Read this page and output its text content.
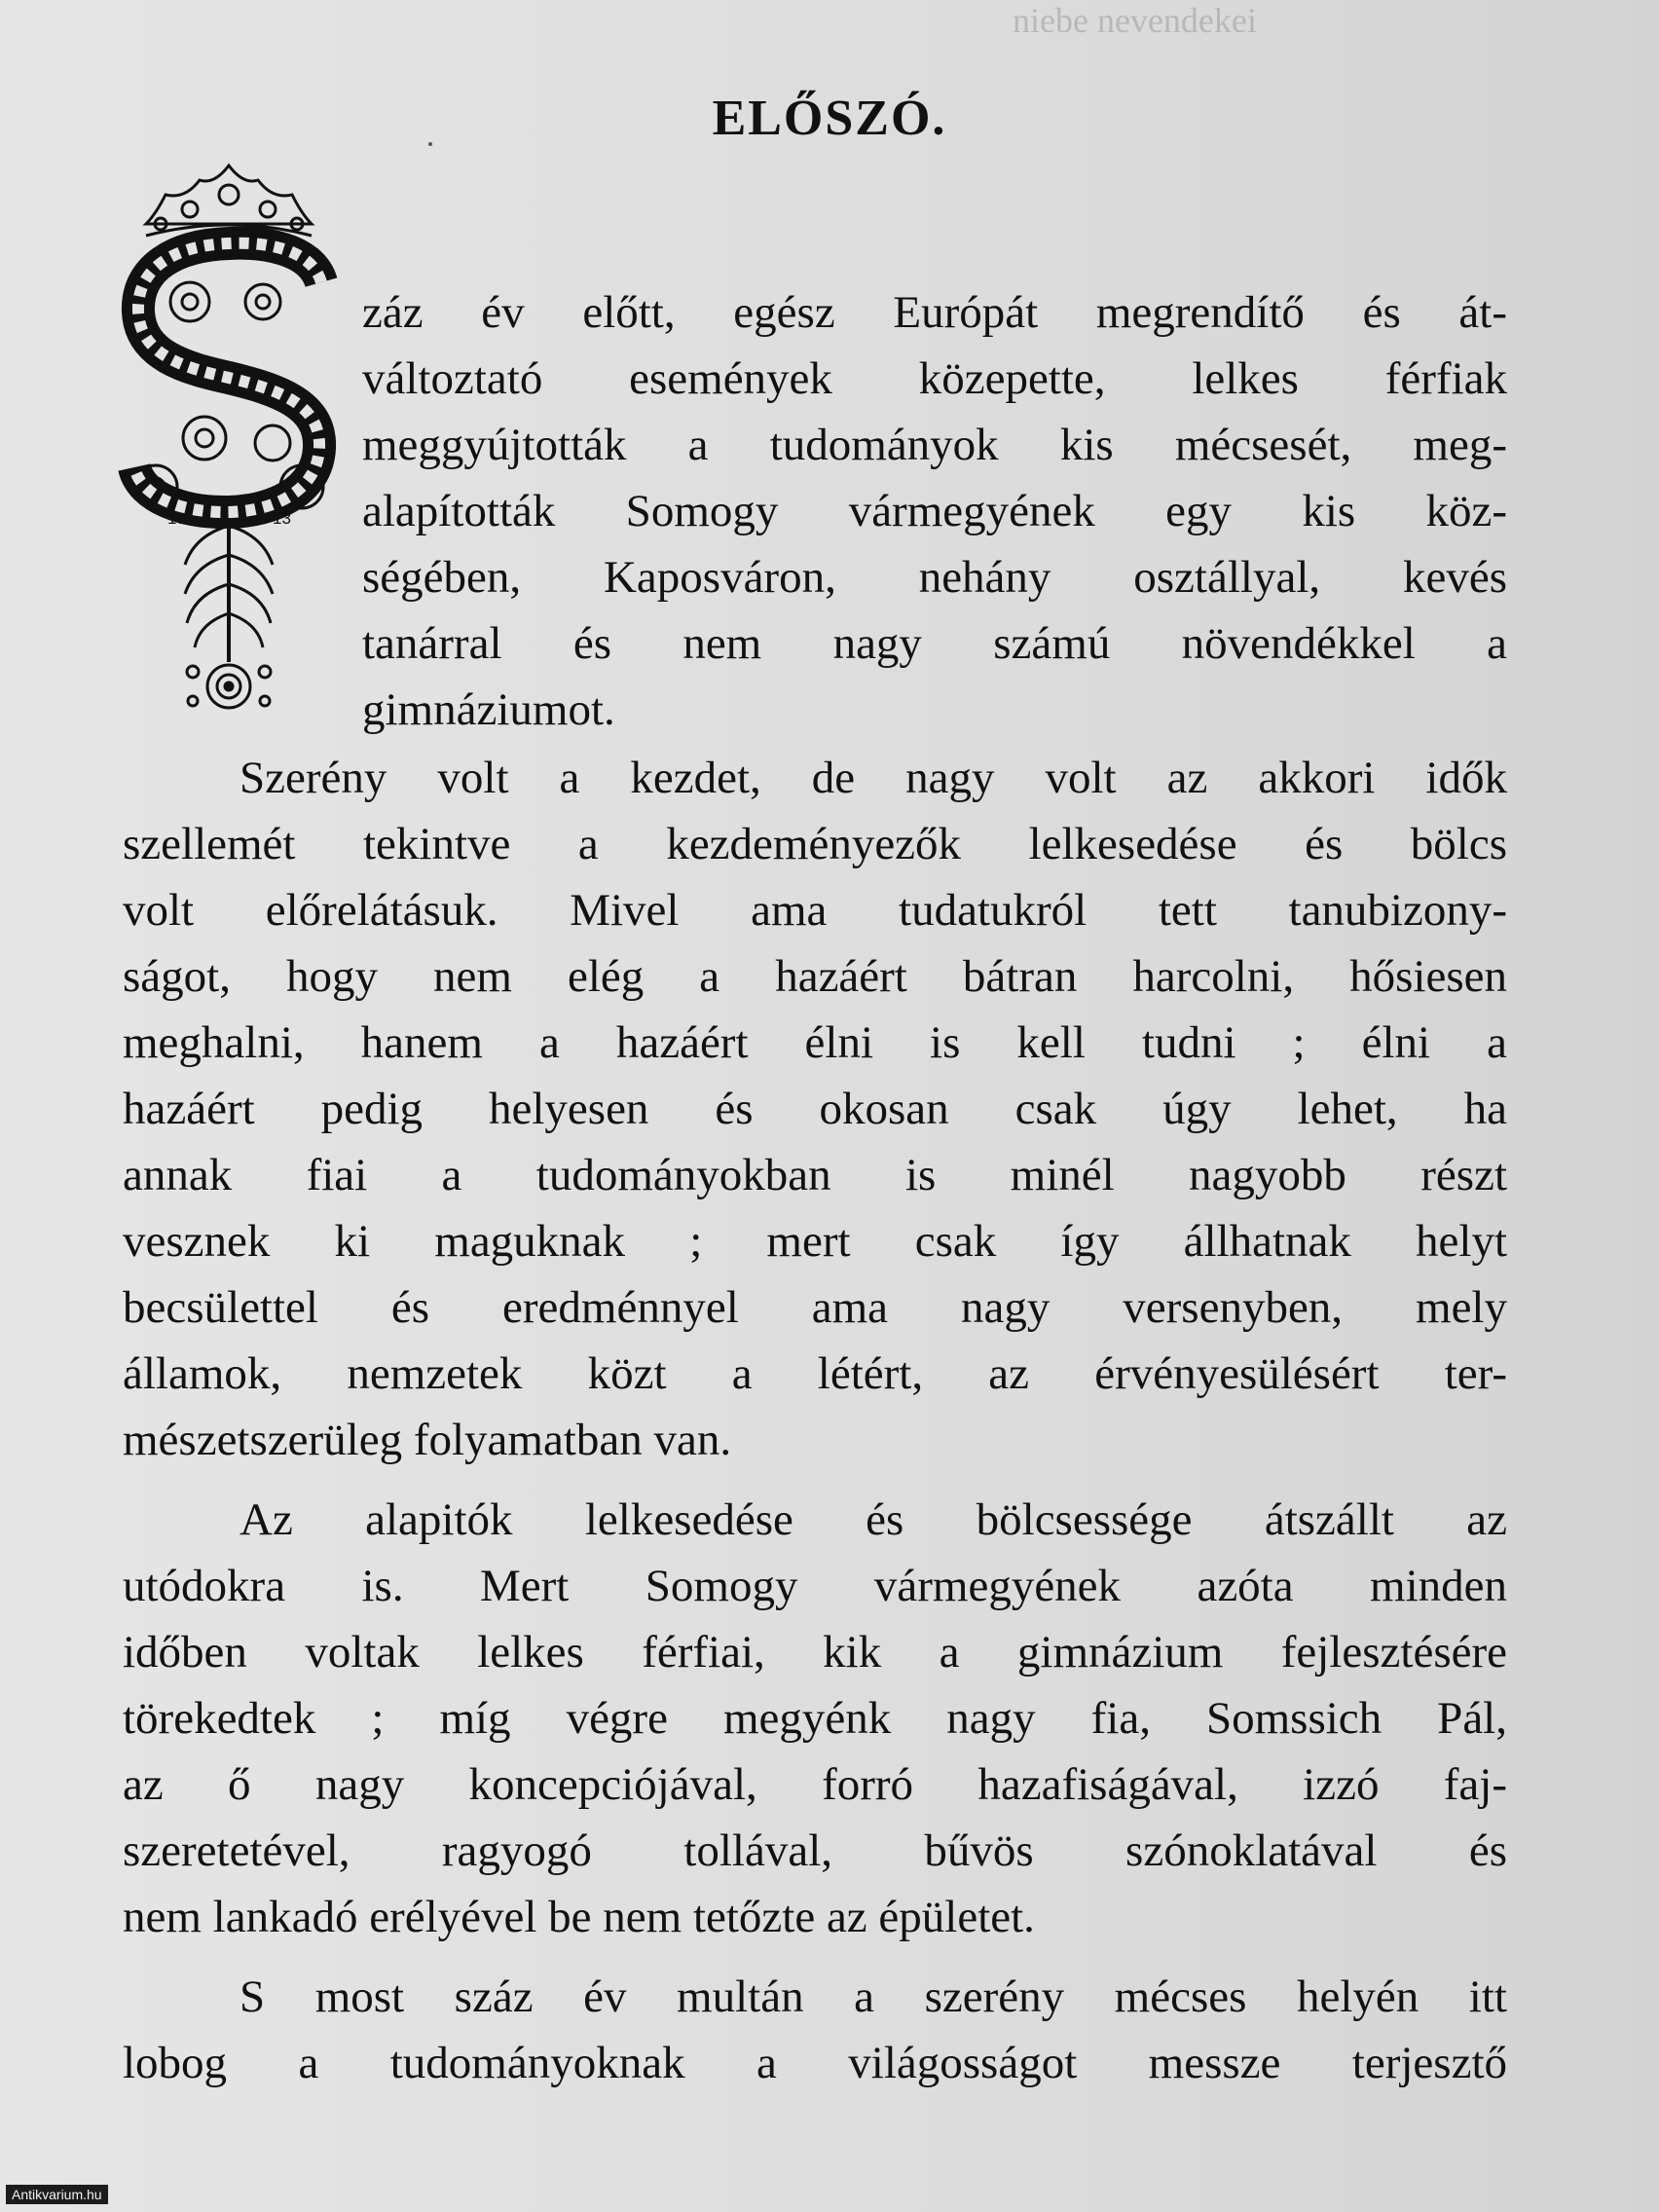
niebe nevendekei
ELŐSZÓ.
19	13
záz év előtt, egész Európát megrendítő és át-
változtató események közepette, lelkes férfiak
meggyújtották a tudományok kis mécsesét, meg-
alapították Somogy vármegyének egy kis köz-
ségében, Kaposváron, nehány osztállyal, kevés
tanárral és nem nagy számú növendékkel a
gimnáziumot.
Szerény volt a kezdet, de nagy volt az akkori idők
szellemét tekintve a kezdeményezők lelkesedése és bölcs
volt előrelátásuk. Mivel ama tudatukról tett tanubizony-
ságot, hogy nem elég a hazáért bátran harcolni, hősiesen
meghalni, hanem a hazáért élni is kell tudni ; élni a
hazáért pedig helyesen és okosan csak úgy lehet, ha
annak fiai a tudományokban is minél nagyobb részt
vesznek ki maguknak ; mert csak így állhatnak helyt
becsülettel és eredménnyel ama nagy versenyben, mely
államok, nemzetek közt a létért, az érvényesülésért ter-
mészetszerüleg folyamatban van.
Az alapitók lelkesedése és bölcsessége átszállt az
utódokra is. Mert Somogy vármegyének azóta minden
időben voltak lelkes férfiai, kik a gimnázium fejlesztésére
törekedtek ; míg végre megyénk nagy fia, Somssich Pál,
az ő nagy koncepciójával, forró hazafiságával, izzó faj-
szeretetével, ragyogó tollával, bűvös szónoklatával és
nem lankadó erélyével be nem tetőzte az épületet.
S most száz év multán a szerény mécses helyén itt
lobog a tudományoknak a világosságot messze terjesztő
Antikvarium.hu
